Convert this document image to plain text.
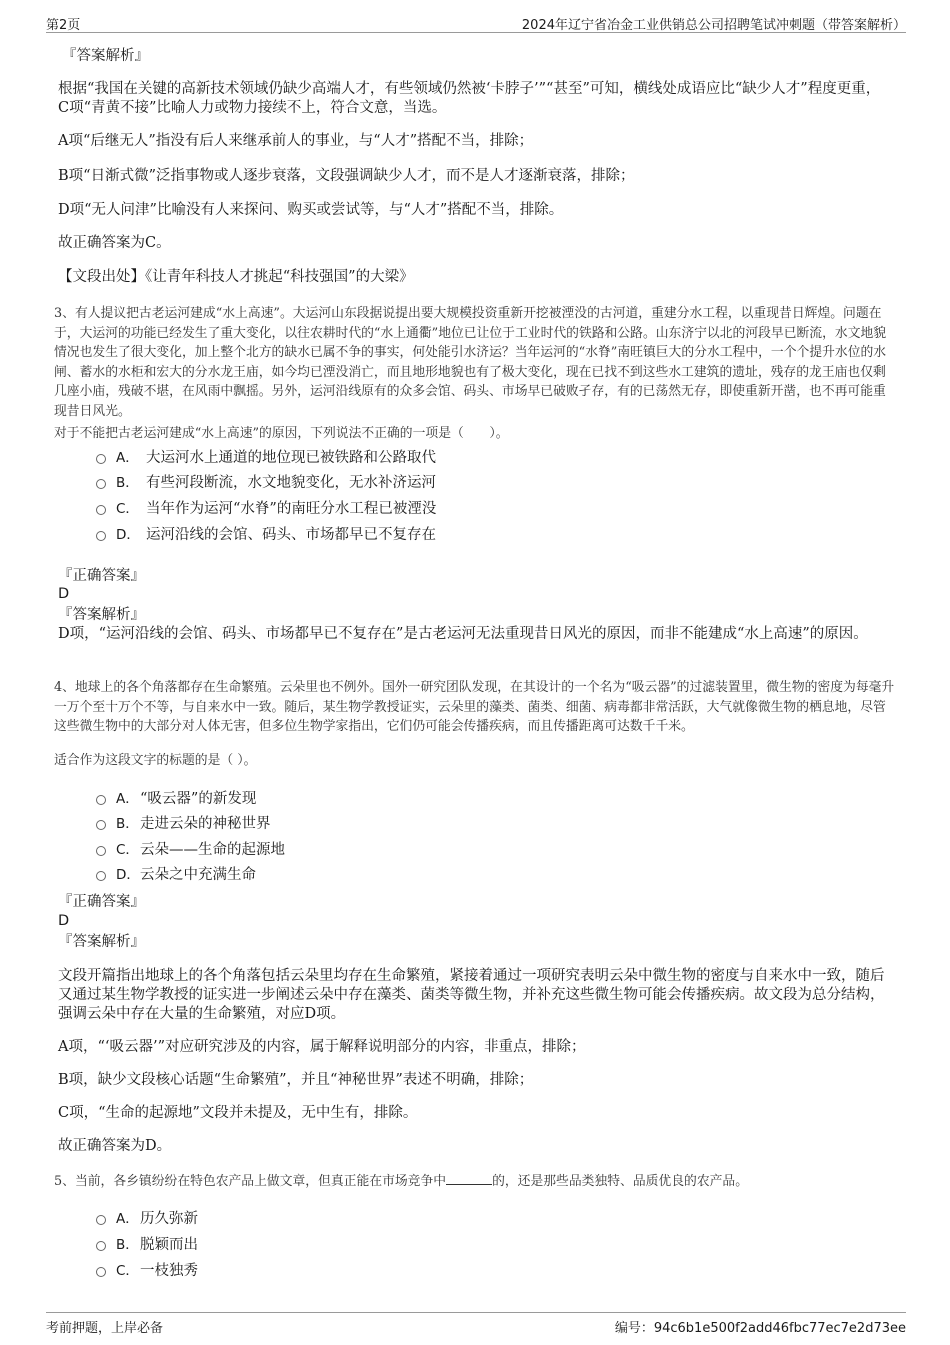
第2页	2024年辽宁省冶金工业供销总公司招聘笔试冲刺题（带答案解析）

『答案解析』

根据“我国在关键的高新技术领域仍缺少高端人才，有些领域仍然被‘卡脖子’”“甚至”可知，横线处成语应比“缺少人才”程度更重，C项“青黄不接”比喻人力或物力接续不上，符合文意，当选。

A项“后继无人”指没有后人来继承前人的事业，与“人才”搭配不当，排除；

B项“日渐式微”泛指事物或人逐步衰落，文段强调缺少人才，而不是人才逐渐衰落，排除；

D项“无人问津”比喻没有人来探问、购买或尝试等，与“人才”搭配不当，排除。

故正确答案为C。

【文段出处】《让青年科技人才挑起“科技强国”的大梁》

3、有人提议把古老运河建成“水上高速”。大运河山东段据说提出要大规模投资重新开挖被湮没的古河道，重建分水工程，以重现昔日辉煌。问题在于，大运河的功能已经发生了重大变化，以往农耕时代的“水上通衢”地位已让位于工业时代的铁路和公路。山东济宁以北的河段早已断流，水文地貌情况也发生了很大变化，加上整个北方的缺水已属不争的事实，何处能引水济运？当年运河的“水脊”南旺镇巨大的分水工程中，一个个提升水位的水闸、蓄水的水柜和宏大的分水龙王庙，如今均已湮没消亡，而且地形地貌也有了极大变化，现在已找不到这些水工建筑的遗址，残存的龙王庙也仅剩几座小庙，残破不堪，在风雨中飘摇。另外，运河沿线原有的众多会馆、码头、市场早已破败孑存，有的已荡然无存，即使重新开凿，也不再可能重现昔日风光。

对于不能把古老运河建成“水上高速”的原因，下列说法不正确的一项是（　　）。

A． 大运河水上通道的地位现已被铁路和公路取代
B． 有些河段断流，水文地貌变化，无水补济运河
C． 当年作为运河“水脊”的南旺分水工程已被湮没
D． 运河沿线的会馆、码头、市场都早已不复存在

『正确答案』

D

『答案解析』

D项，“运河沿线的会馆、码头、市场都早已不复存在”是古老运河无法重现昔日风光的原因，而非不能建成“水上高速”的原因。

4、地球上的各个角落都存在生命繁殖。云朵里也不例外。国外一研究团队发现，在其设计的一个名为“吸云器”的过滤装置里，微生物的密度为每毫升一万个至十万个不等，与自来水中一致。随后，某生物学教授证实，云朵里的藻类、菌类、细菌、病毒都非常活跃，大气就像微生物的栖息地，尽管这些微生物中的大部分对人体无害，但多位生物学家指出，它们仍可能会传播疾病，而且传播距离可达数千千米。

适合作为这段文字的标题的是（ ）。

A．“吸云器”的新发现
B．走进云朵的神秘世界
C．云朵——生命的起源地
D．云朵之中充满生命

『正确答案』

D

『答案解析』

文段开篇指出地球上的各个角落包括云朵里均存在生命繁殖，紧接着通过一项研究表明云朵中微生物的密度与自来水中一致，随后又通过某生物学教授的证实进一步阐述云朵中存在藻类、菌类等微生物，并补充这些微生物可能会传播疾病。故文段为总分结构，强调云朵中存在大量的生命繁殖，对应D项。

A项，“‘吸云器’”对应研究涉及的内容，属于解释说明部分的内容，非重点，排除；

B项，缺少文段核心话题“生命繁殖”，并且“神秘世界”表述不明确，排除；

C项，“生命的起源地”文段并未提及，无中生有，排除。

故正确答案为D。

5、当前，各乡镇纷纷在特色农产品上做文章，但真正能在市场竞争中	的，还是那些品类独特、品质优良的农产品。

A．历久弥新
B．脱颖而出
C．一枝独秀
考前押题，上岸必备	编号：94c6b1e500f2add46fbc77ec7e2d73ee
